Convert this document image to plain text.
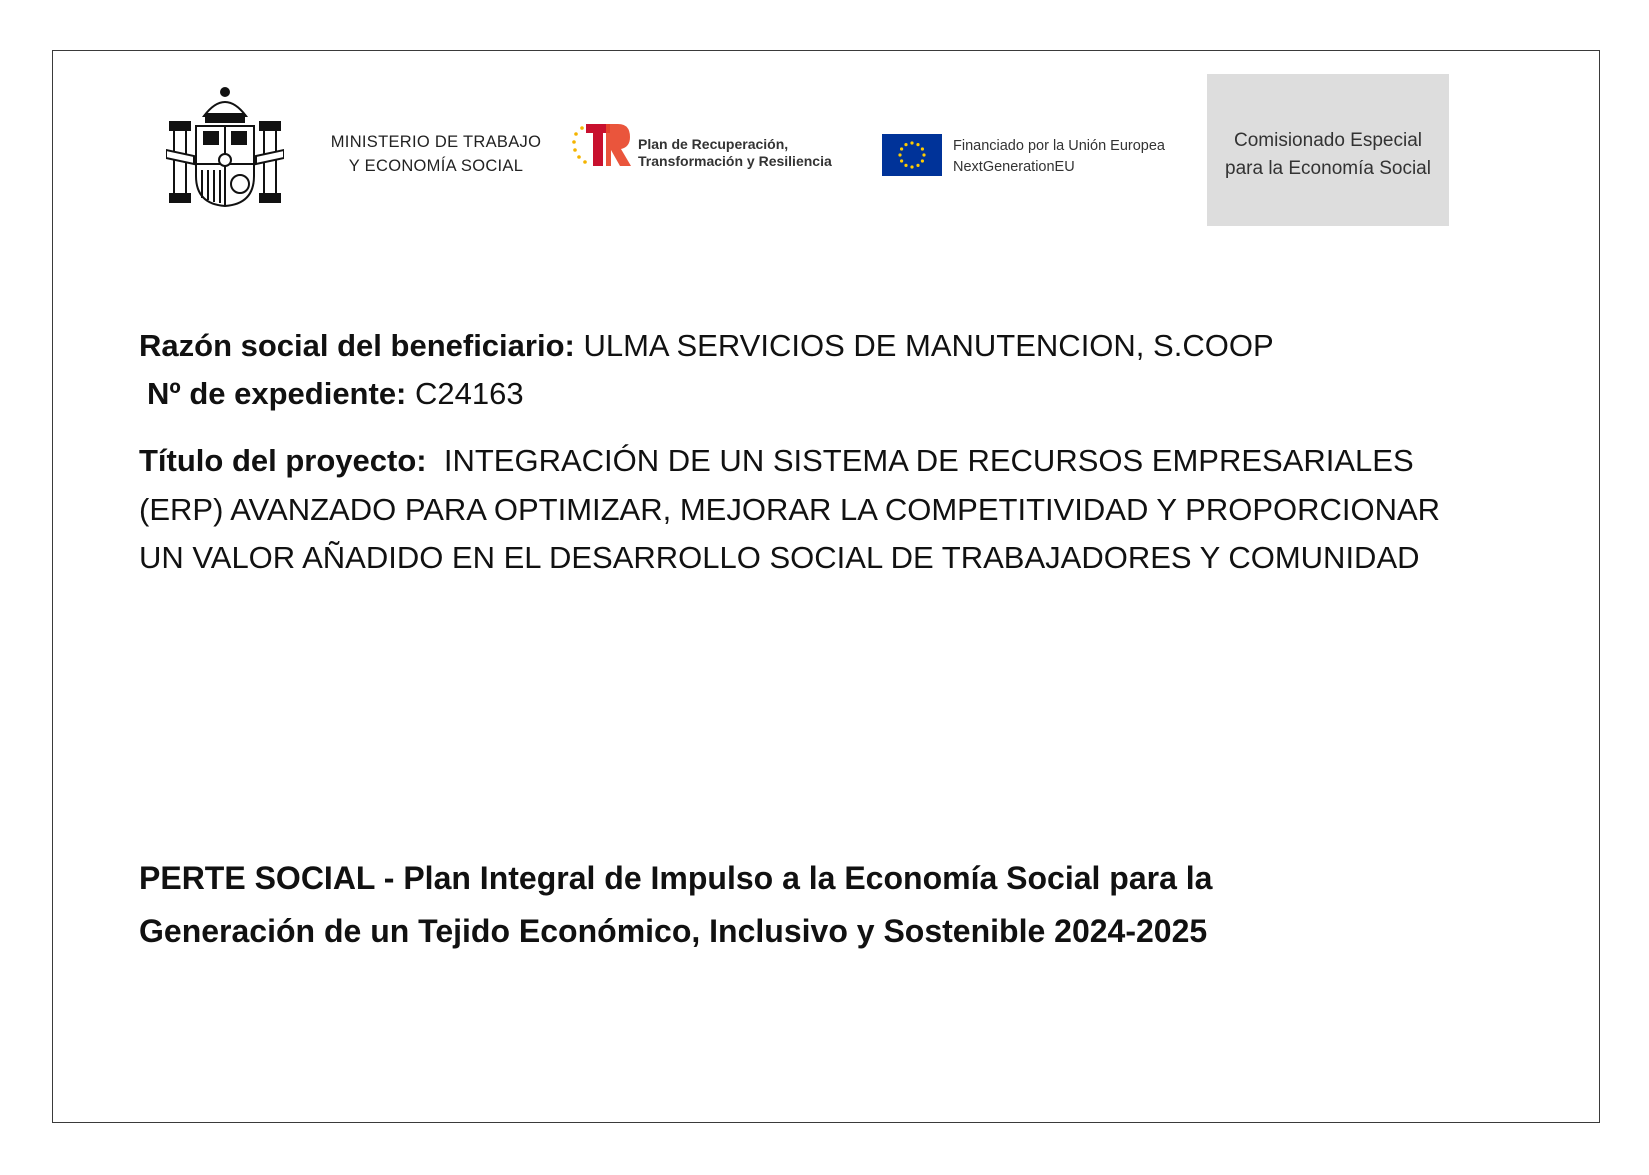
MINISTERIO DE TRABAJO
Y ECONOMÍA SOCIAL
Plan de Recuperación,
Transformación y Resiliencia
Financiado por la Unión Europea
NextGenerationEU
Comisionado Especial
para la Economía Social
Razón social del beneficiario: ULMA SERVICIOS DE MANUTENCION, S.COOP
Nº de expediente: C24163
Título del proyecto:  INTEGRACIÓN DE UN SISTEMA DE RECURSOS EMPRESARIALES
(ERP) AVANZADO PARA OPTIMIZAR, MEJORAR LA COMPETITIVIDAD Y PROPORCIONAR
UN VALOR AÑADIDO EN EL DESARROLLO SOCIAL DE TRABAJADORES Y COMUNIDAD
PERTE SOCIAL - Plan Integral de Impulso a la Economía Social para la
Generación de un Tejido Económico, Inclusivo y Sostenible 2024-2025
